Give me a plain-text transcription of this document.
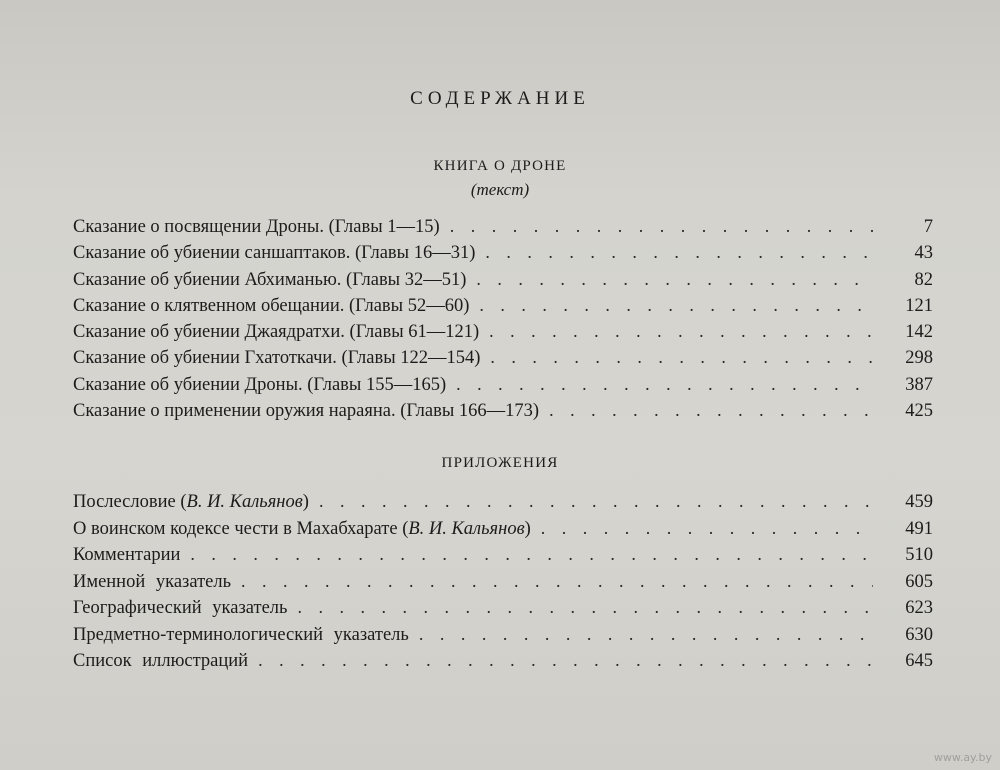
СОДЕРЖАНИЕ
КНИГА О ДРОНЕ
(текст)
Сказание о посвящении Дроны. (Главы 1—15) . . .	7
Сказание об убиении саншаптаков. (Главы 16—31) . . .	43
Сказание об убиении Абхиманью. (Главы 32—51) . . .	82
Сказание о клятвенном обещании. (Главы 52—60) . . .	121
Сказание об убиении Джаядратхи. (Главы 61—121) . . .	142
Сказание об убиении Гхатоткачи. (Главы 122—154) . . .	298
Сказание об убиении Дроны. (Главы 155—165) . . .	387
Сказание о применении оружия нараяна. (Главы 166—173) . . .	425
ПРИЛОЖЕНИЯ
Послесловие (В. И. Кальянов) . . .	459
О воинском кодексе чести в Махабхарате (В. И. Кальянов) . . .	491
Комментарии . . .	510
Именной указатель . . .	605
Географический указатель . . .	623
Предметно-терминологический указатель . . .	630
Список иллюстраций . . .	645
www.ay.by
